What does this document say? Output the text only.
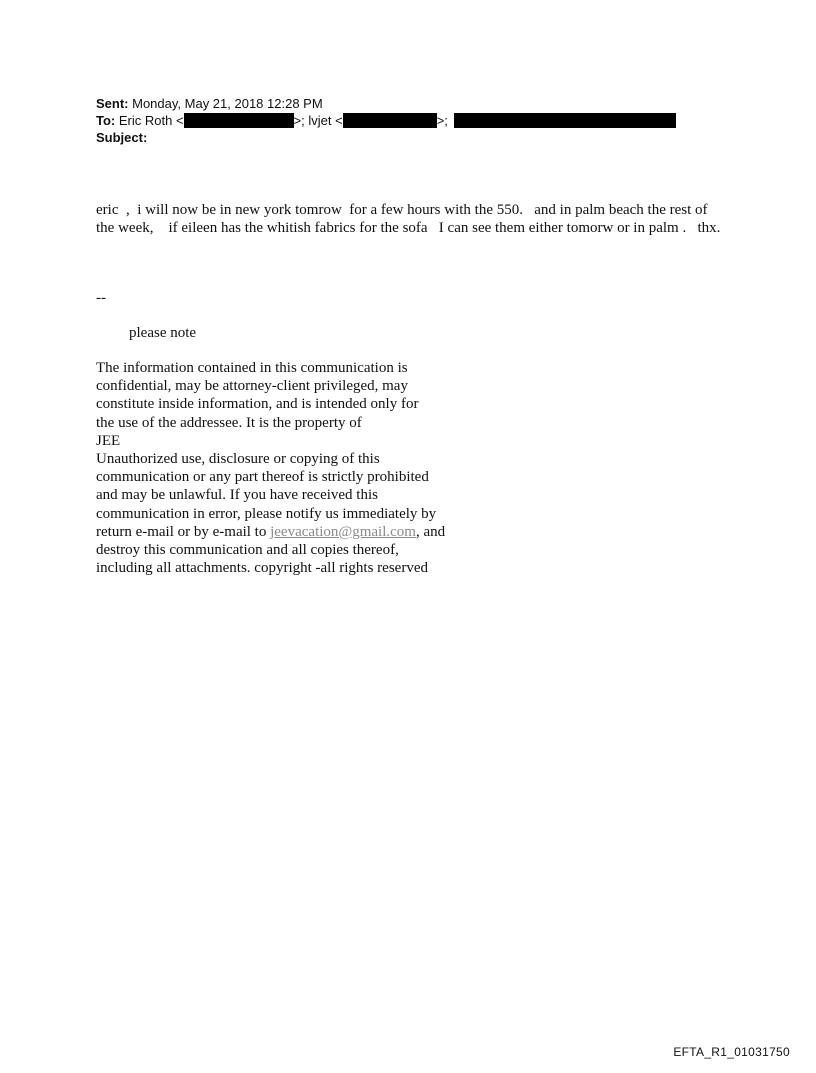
Sent: Monday, May 21, 2018 12:28 PM
To: Eric Roth <	>; lvjet <	>;
Subject:
eric  ,  i will now be in new york tomrow  for a few hours with the 550.   and in palm beach the rest of the week,    if eileen has the whitish fabrics for the sofa   I can see them either tomorw or in palm .   thx.
--
please note
The information contained in this communication is
confidential, may be attorney-client privileged, may
constitute inside information, and is intended only for
the use of the addressee. It is the property of
JEE
Unauthorized use, disclosure or copying of this
communication or any part thereof is strictly prohibited
and may be unlawful. If you have received this
communication in error, please notify us immediately by
return e-mail or by e-mail to jeevacation@gmail.com, and
destroy this communication and all copies thereof,
including all attachments. copyright -all rights reserved
EFTA_R1_01031750
